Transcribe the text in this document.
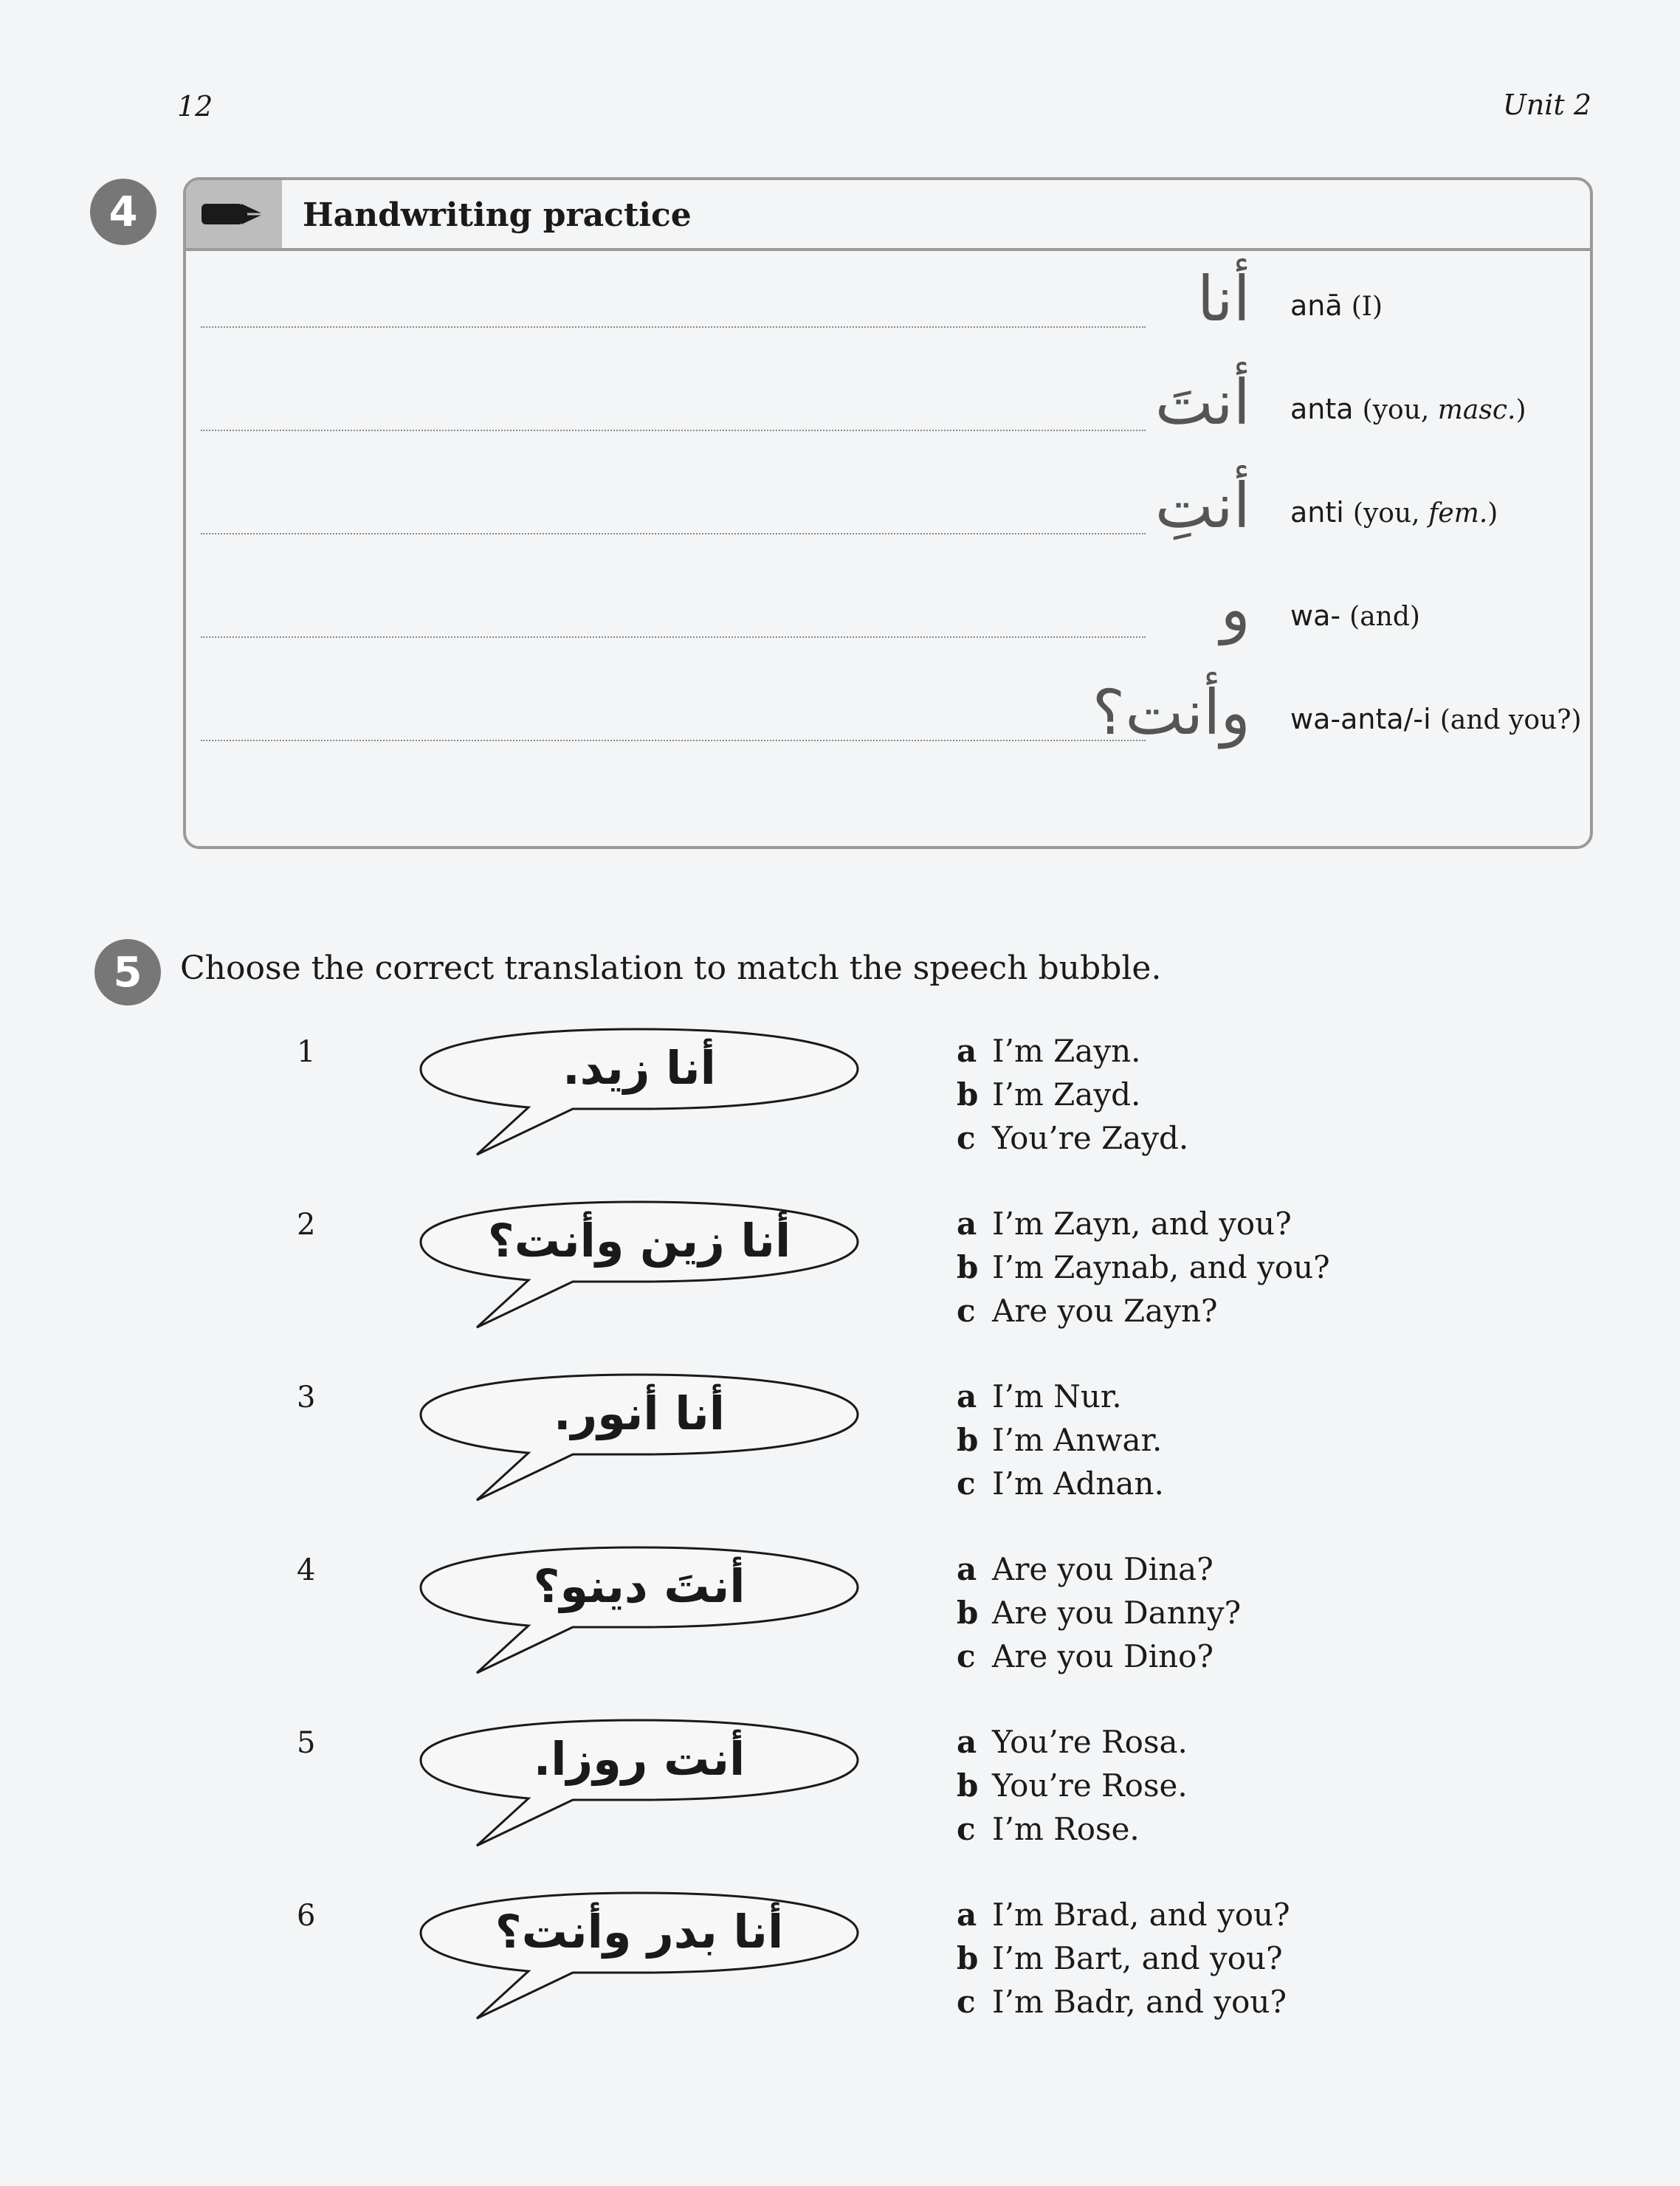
12	Unit 2
4	Handwriting practice
أنا anā (I)
أنتَ anta (you, masc.)
أنتِ anti (you, fem.)
و wa- (and)
وأنت؟ wa-anta/-i (and you?)
5	Choose the correct translation to match the speech bubble.
1	أنا زيد.	a I’m Zayn.
b I’m Zayd.
c You’re Zayd.
2	أنا زين وأنت؟	a I’m Zayn, and you?
b I’m Zaynab, and you?
c Are you Zayn?
3	أنا أنور.	a I’m Nur.
b I’m Anwar.
c I’m Adnan.
4	أنتَ دينو؟	a Are you Dina?
b Are you Danny?
c Are you Dino?
5	أنت روزا.	a You’re Rosa.
b You’re Rose.
c I’m Rose.
6	أنا بدر وأنت؟	a I’m Brad, and you?
b I’m Bart, and you?
c I’m Badr, and you?
